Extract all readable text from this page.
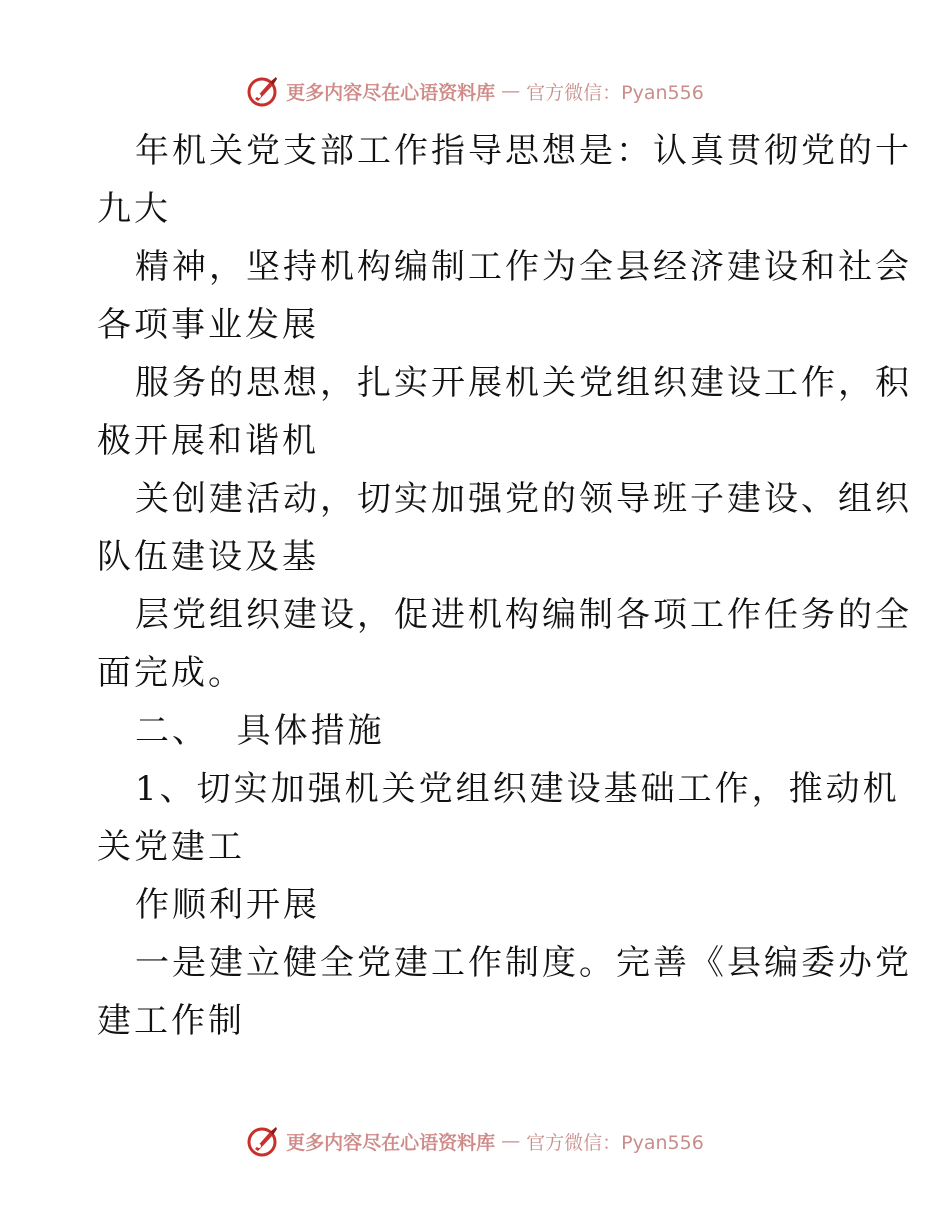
更多内容尽在心语资料库 — 官方微信：Pyan556
年机关党支部工作指导思想是：认真贯彻党的十
九大
精神，坚持机构编制工作为全县经济建设和社会
各项事业发展
服务的思想，扎实开展机关党组织建设工作，积
极开展和谐机
关创建活动，切实加强党的领导班子建设、组织
队伍建设及基
层党组织建设，促进机构编制各项工作任务的全
面完成。
二、  具体措施
1、切实加强机关党组织建设基础工作，推动机
关党建工
作顺利开展
一是建立健全党建工作制度。完善《县编委办党
建工作制
更多内容尽在心语资料库 — 官方微信：Pyan556
